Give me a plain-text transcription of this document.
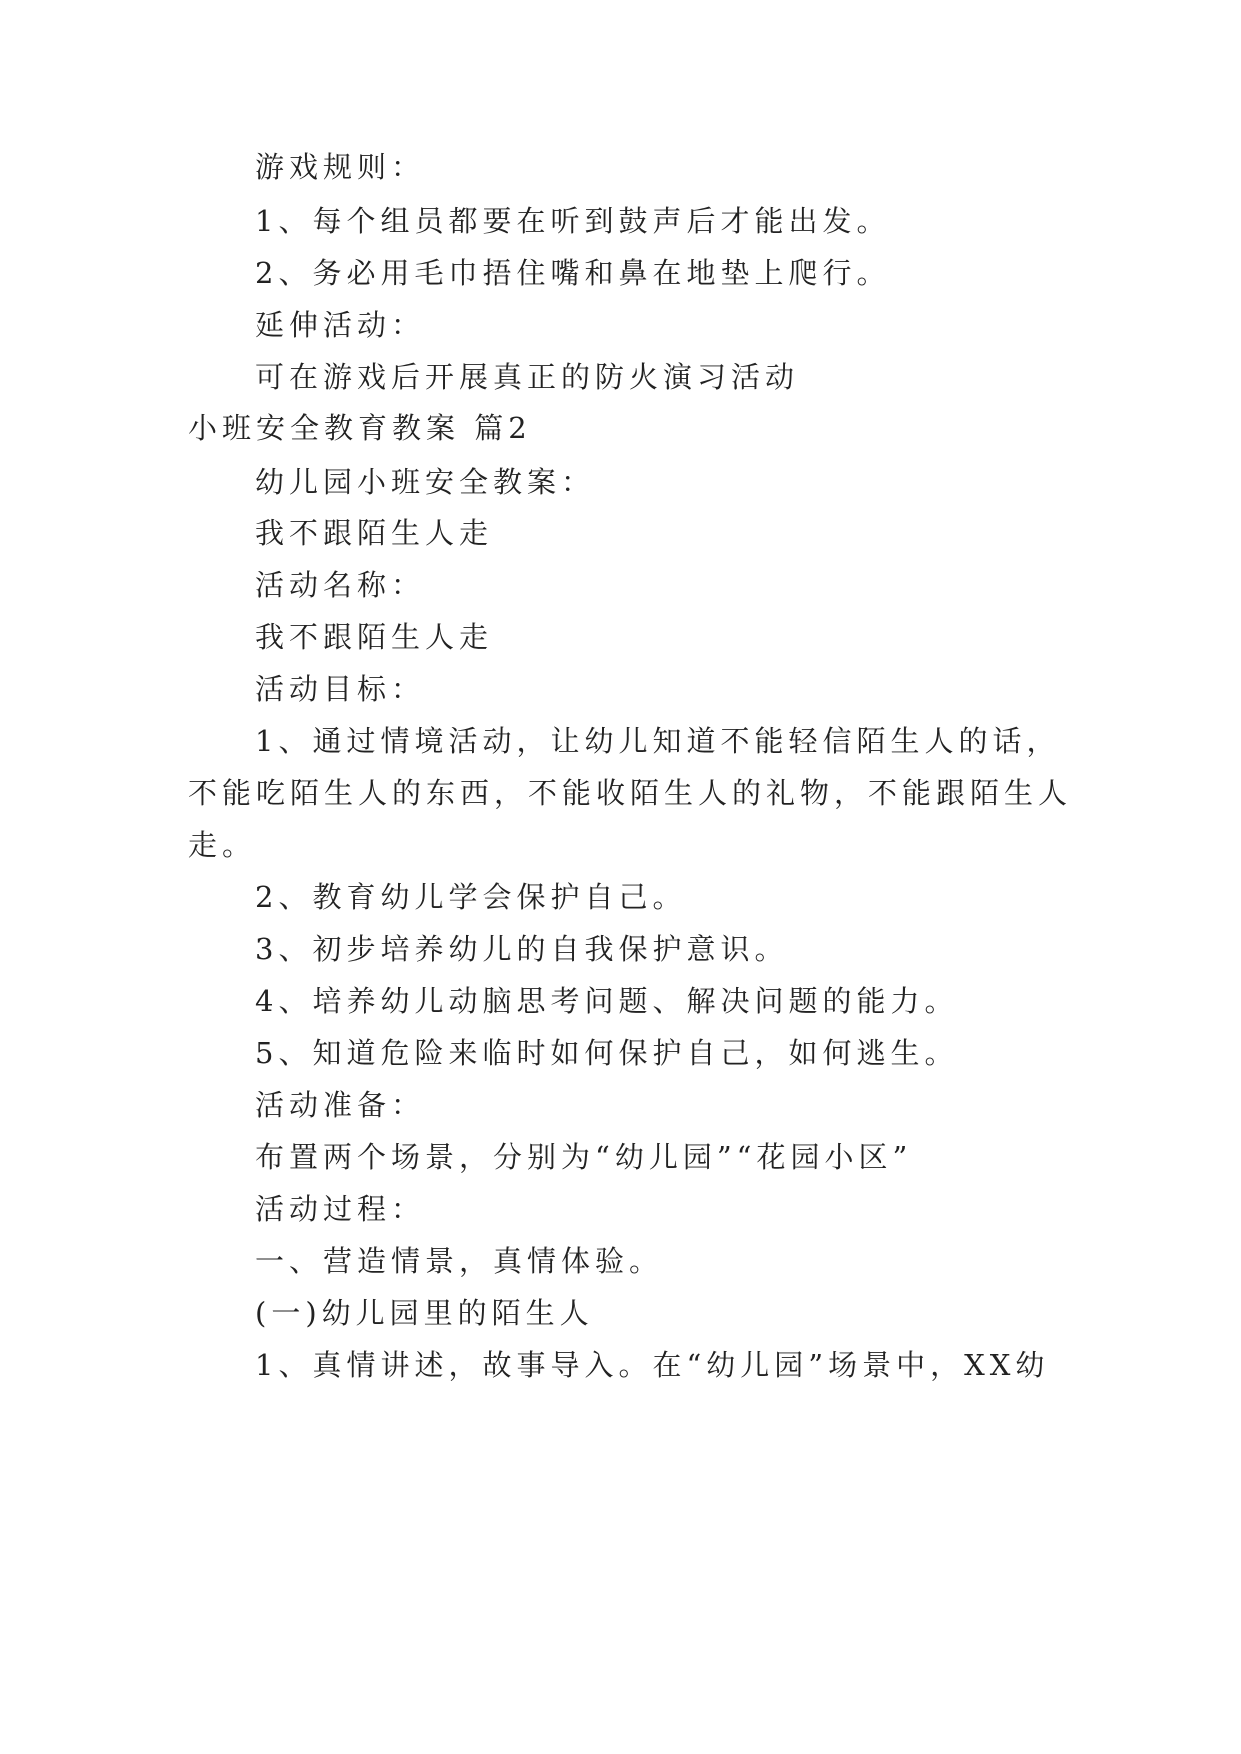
游戏规则：
1、每个组员都要在听到鼓声后才能出发。
2、务必用毛巾捂住嘴和鼻在地垫上爬行。
延伸活动：
可在游戏后开展真正的防火演习活动
小班安全教育教案 篇2
幼儿园小班安全教案：
我不跟陌生人走
活动名称：
我不跟陌生人走
活动目标：
1、通过情境活动，让幼儿知道不能轻信陌生人的话，
不能吃陌生人的东西，不能收陌生人的礼物，不能跟陌生人
走。
2、教育幼儿学会保护自己。
3、初步培养幼儿的自我保护意识。
4、培养幼儿动脑思考问题、解决问题的能力。
5、知道危险来临时如何保护自己，如何逃生。
活动准备：
布置两个场景，分别为“幼儿园”“花园小区”
活动过程：
一、营造情景，真情体验。
(一)幼儿园里的陌生人
1、真情讲述，故事导入。在“幼儿园”场景中，XX幼
